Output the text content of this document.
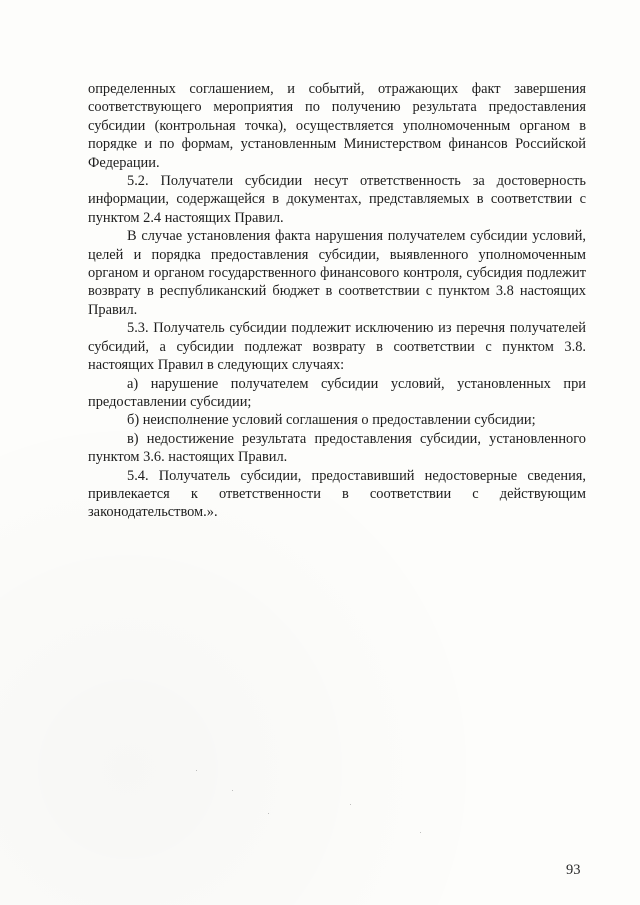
определенных соглашением, и событий, отражающих факт завершения соответствующего мероприятия по получению результата предоставления субсидии (контрольная точка), осуществляется уполномоченным органом в порядке и по формам, установленным Министерством финансов Российской Федерации.

5.2. Получатели субсидии несут ответственность за достоверность информации, содержащейся в документах, представляемых в соответствии с пунктом 2.4 настоящих Правил.

В случае установления факта нарушения получателем субсидии условий, целей и порядка предоставления субсидии, выявленного уполномоченным органом и органом государственного финансового контроля, субсидия подлежит возврату в республиканский бюджет в соответствии с пунктом 3.8 настоящих Правил.

5.3. Получатель субсидии подлежит исключению из перечня получателей субсидий, а субсидии подлежат возврату в соответствии с пунктом 3.8. настоящих Правил в следующих случаях:

а) нарушение получателем субсидии условий, установленных при предоставлении субсидии;

б) неисполнение условий соглашения о предоставлении субсидии;

в) недостижение результата предоставления субсидии, установленного пунктом 3.6. настоящих Правил.

5.4. Получатель субсидии, предоставивший недостоверные сведения, привлекается к ответственности в соответствии с действующим законодательством.».

93
